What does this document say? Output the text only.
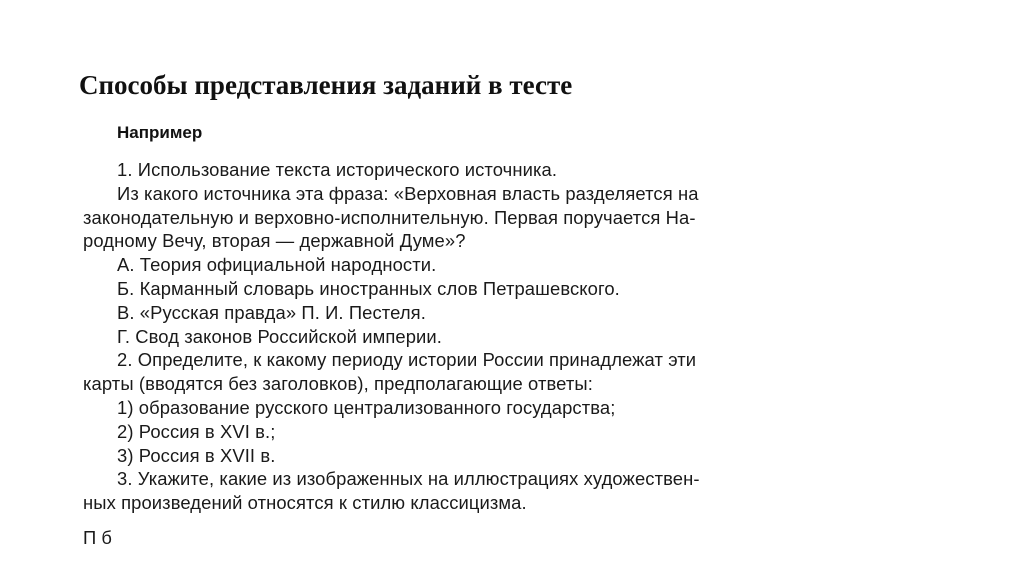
Способы представления заданий в тесте
Например
1. Использование текста исторического источника.
Из какого источника эта фраза: «Верховная власть разделяется на
законодательную и верховно-исполнительную. Первая поручается На-
родному Вечу, вторая — державной Думе»?
А. Теория официальной народности.
Б. Карманный словарь иностранных слов Петрашевского.
В. «Русская правда» П. И. Пестеля.
Г. Свод законов Российской империи.
2. Определите, к какому периоду истории России принадлежат эти
карты (вводятся без заголовков), предполагающие ответы:
1) образование русского централизованного государства;
2) Россия в XVI в.;
3) Россия в XVII в.
3. Укажите, какие из изображенных на иллюстрациях художествен-
ных произведений относятся к стилю классицизма.
П б
